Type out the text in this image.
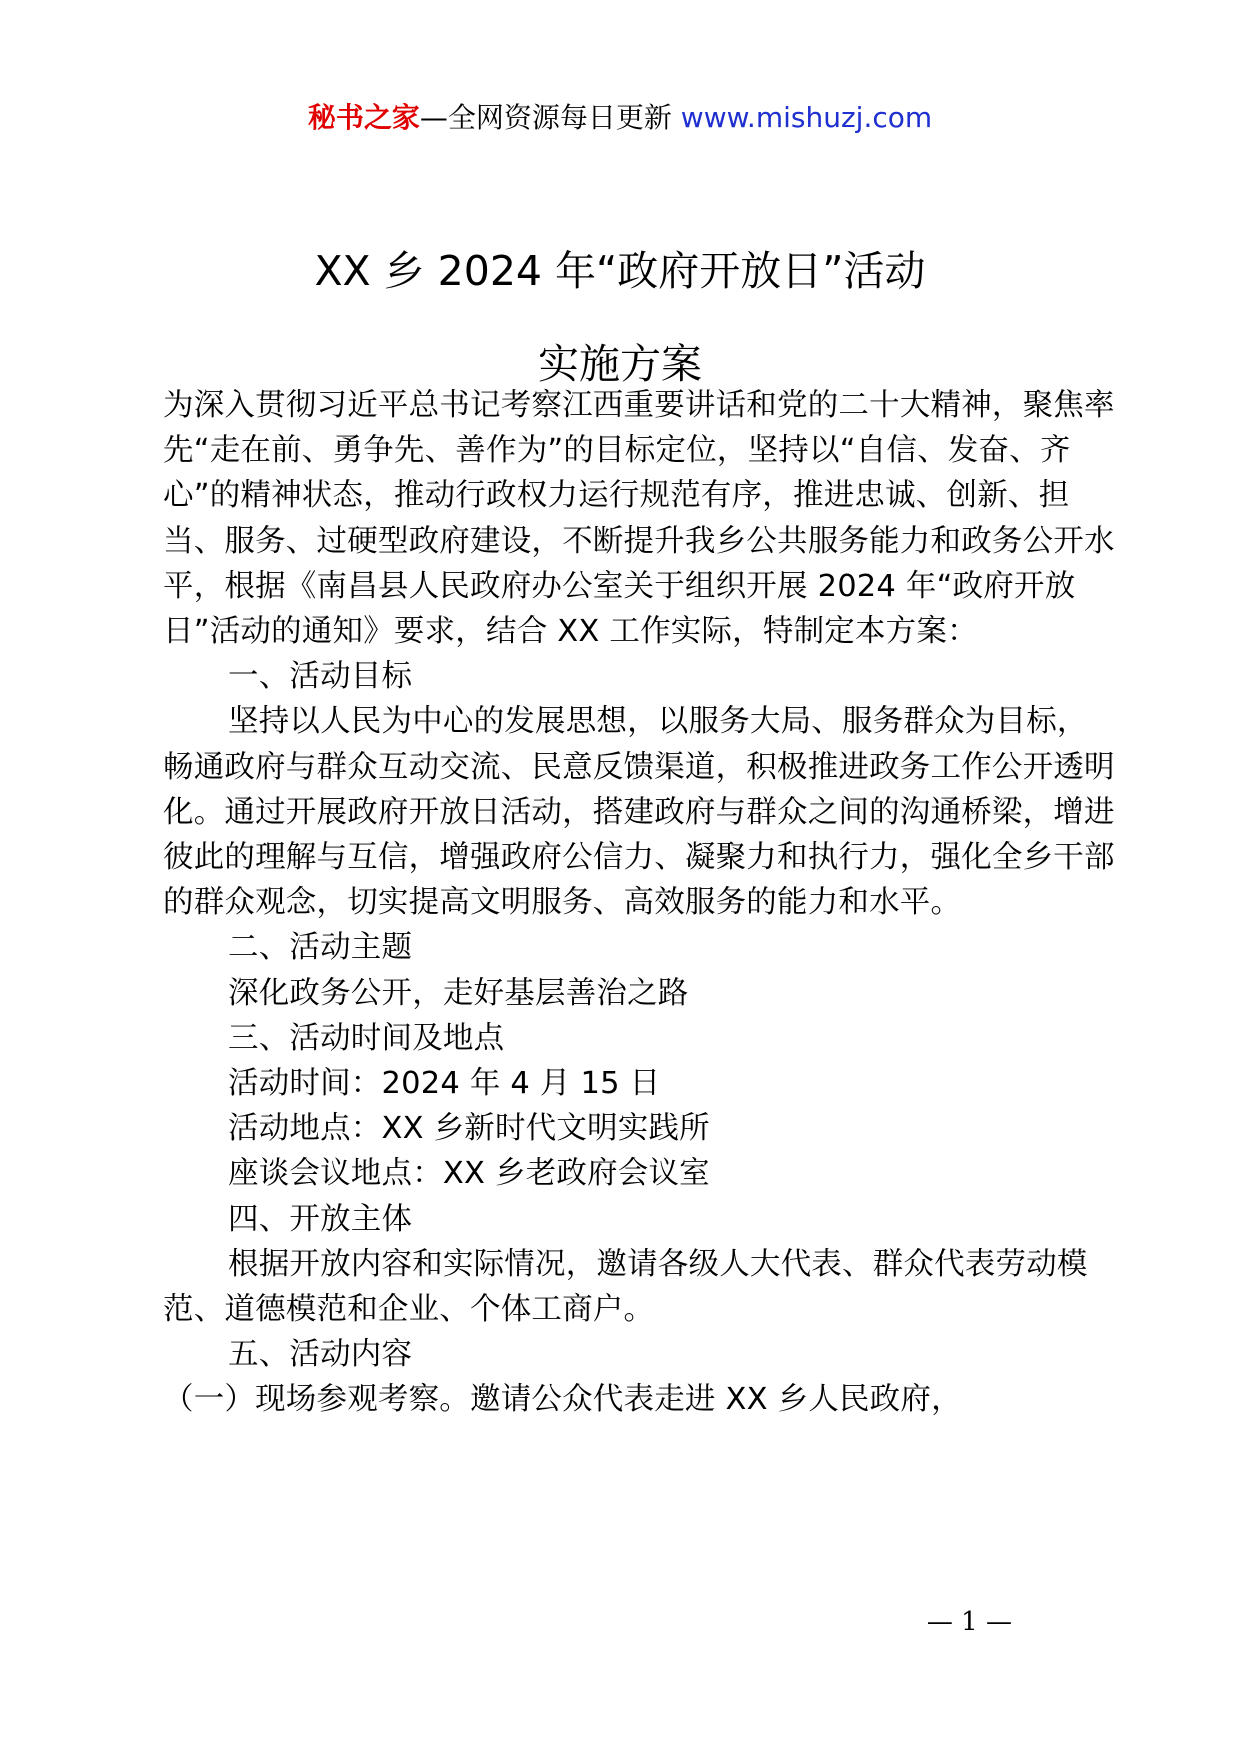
秘书之家—全网资源每日更新 www.mishuzj.com
XX 乡 2024 年“政府开放日”活动
实施方案

为深入贯彻习近平总书记考察江西重要讲话和党的二十大精神，聚焦率先“走在前、勇争先、善作为”的目标定位，坚持以“自信、发奋、齐心”的精神状态，推动行政权力运行规范有序，推进忠诚、创新、担当、服务、过硬型政府建设，不断提升我乡公共服务能力和政务公开水平，根据《南昌县人民政府办公室关于组织开展 2024 年“政府开放日”活动的通知》要求，结合 XX 工作实际，特制定本方案：

一、活动目标

坚持以人民为中心的发展思想，以服务大局、服务群众为目标，畅通政府与群众互动交流、民意反馈渠道，积极推进政务工作公开透明化。通过开展政府开放日活动，搭建政府与群众之间的沟通桥梁，增进彼此的理解与互信，增强政府公信力、凝聚力和执行力，强化全乡干部的群众观念，切实提高文明服务、高效服务的能力和水平。

二、活动主题

深化政务公开，走好基层善治之路

三、活动时间及地点

活动时间：2024 年 4 月 15 日

活动地点：XX 乡新时代文明实践所

座谈会议地点：XX 乡老政府会议室

四、开放主体

根据开放内容和实际情况，邀请各级人大代表、群众代表劳动模范、道德模范和企业、个体工商户。

五、活动内容

（一）现场参观考察。邀请公众代表走进 XX 乡人民政府，

— 1 —
